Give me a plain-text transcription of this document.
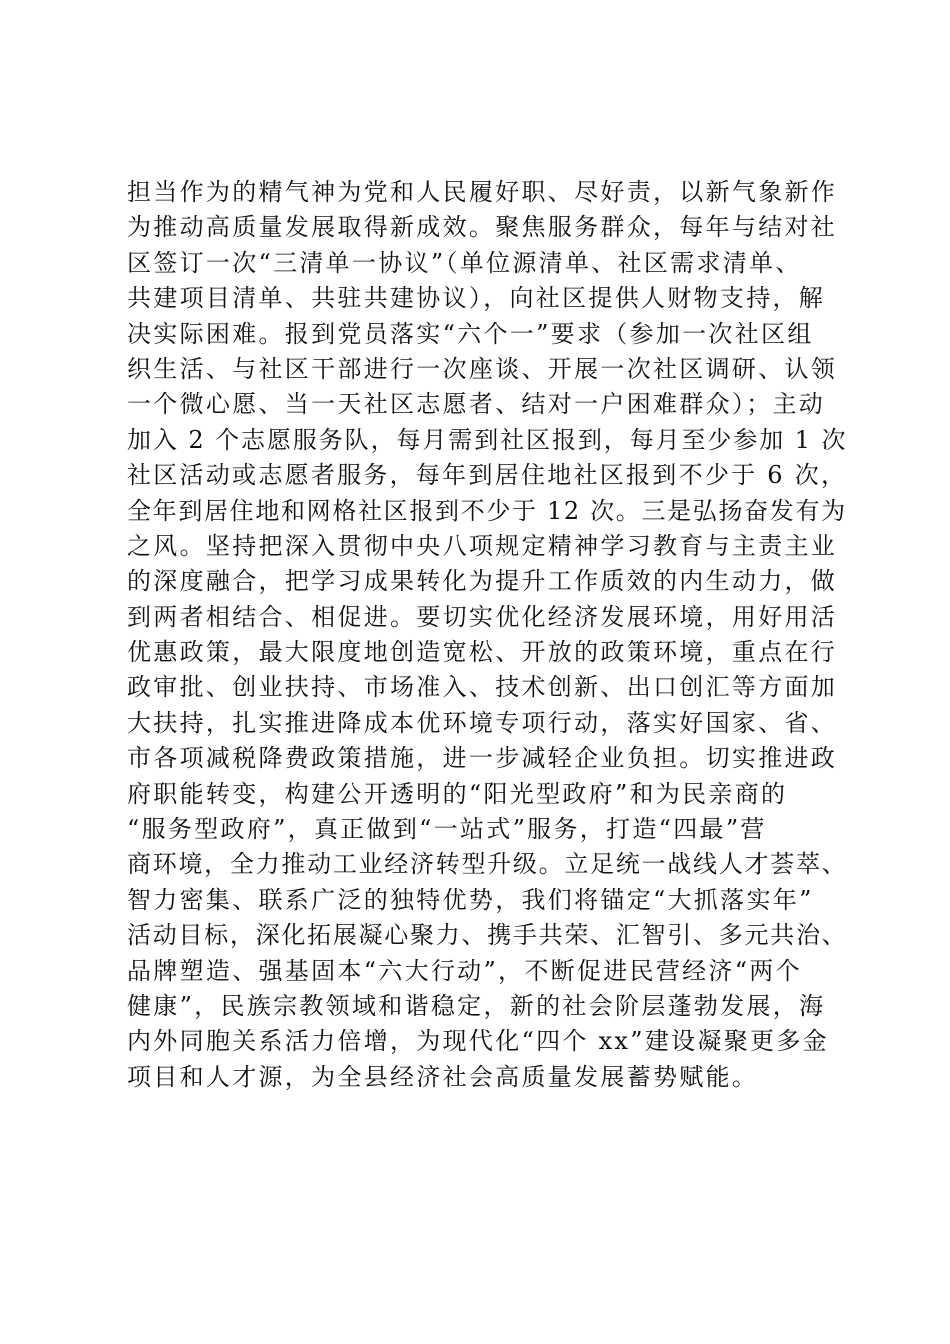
担当作为的精气神为党和人民履好职、尽好责，以新气象新作
为推动高质量发展取得新成效。聚焦服务群众，每年与结对社
区签订一次“三清单一协议”（单位源清单、社区需求清单、
共建项目清单、共驻共建协议），向社区提供人财物支持，解
决实际困难。报到党员落实“六个一”要求（参加一次社区组
织生活、与社区干部进行一次座谈、开展一次社区调研、认领
一个微心愿、当一天社区志愿者、结对一户困难群众）；主动
加入 2 个志愿服务队，每月需到社区报到，每月至少参加 1 次
社区活动或志愿者服务，每年到居住地社区报到不少于 6 次，
全年到居住地和网格社区报到不少于 12 次。三是弘扬奋发有为
之风。坚持把深入贯彻中央八项规定精神学习教育与主责主业
的深度融合，把学习成果转化为提升工作质效的内生动力，做
到两者相结合、相促进。要切实优化经济发展环境，用好用活
优惠政策，最大限度地创造宽松、开放的政策环境，重点在行
政审批、创业扶持、市场准入、技术创新、出口创汇等方面加
大扶持，扎实推进降成本优环境专项行动，落实好国家、省、
市各项减税降费政策措施，进一步减轻企业负担。切实推进政
府职能转变，构建公开透明的“阳光型政府”和为民亲商的
“服务型政府”，真正做到“一站式”服务，打造“四最”营
商环境，全力推动工业经济转型升级。立足统一战线人才荟萃、
智力密集、联系广泛的独特优势，我们将锚定“大抓落实年”
活动目标，深化拓展凝心聚力、携手共荣、汇智引、多元共治、
品牌塑造、强基固本“六大行动”，不断促进民营经济“两个
健康”，民族宗教领域和谐稳定，新的社会阶层蓬勃发展，海
内外同胞关系活力倍增，为现代化“四个 xx”建设凝聚更多金
项目和人才源，为全县经济社会高质量发展蓄势赋能。
